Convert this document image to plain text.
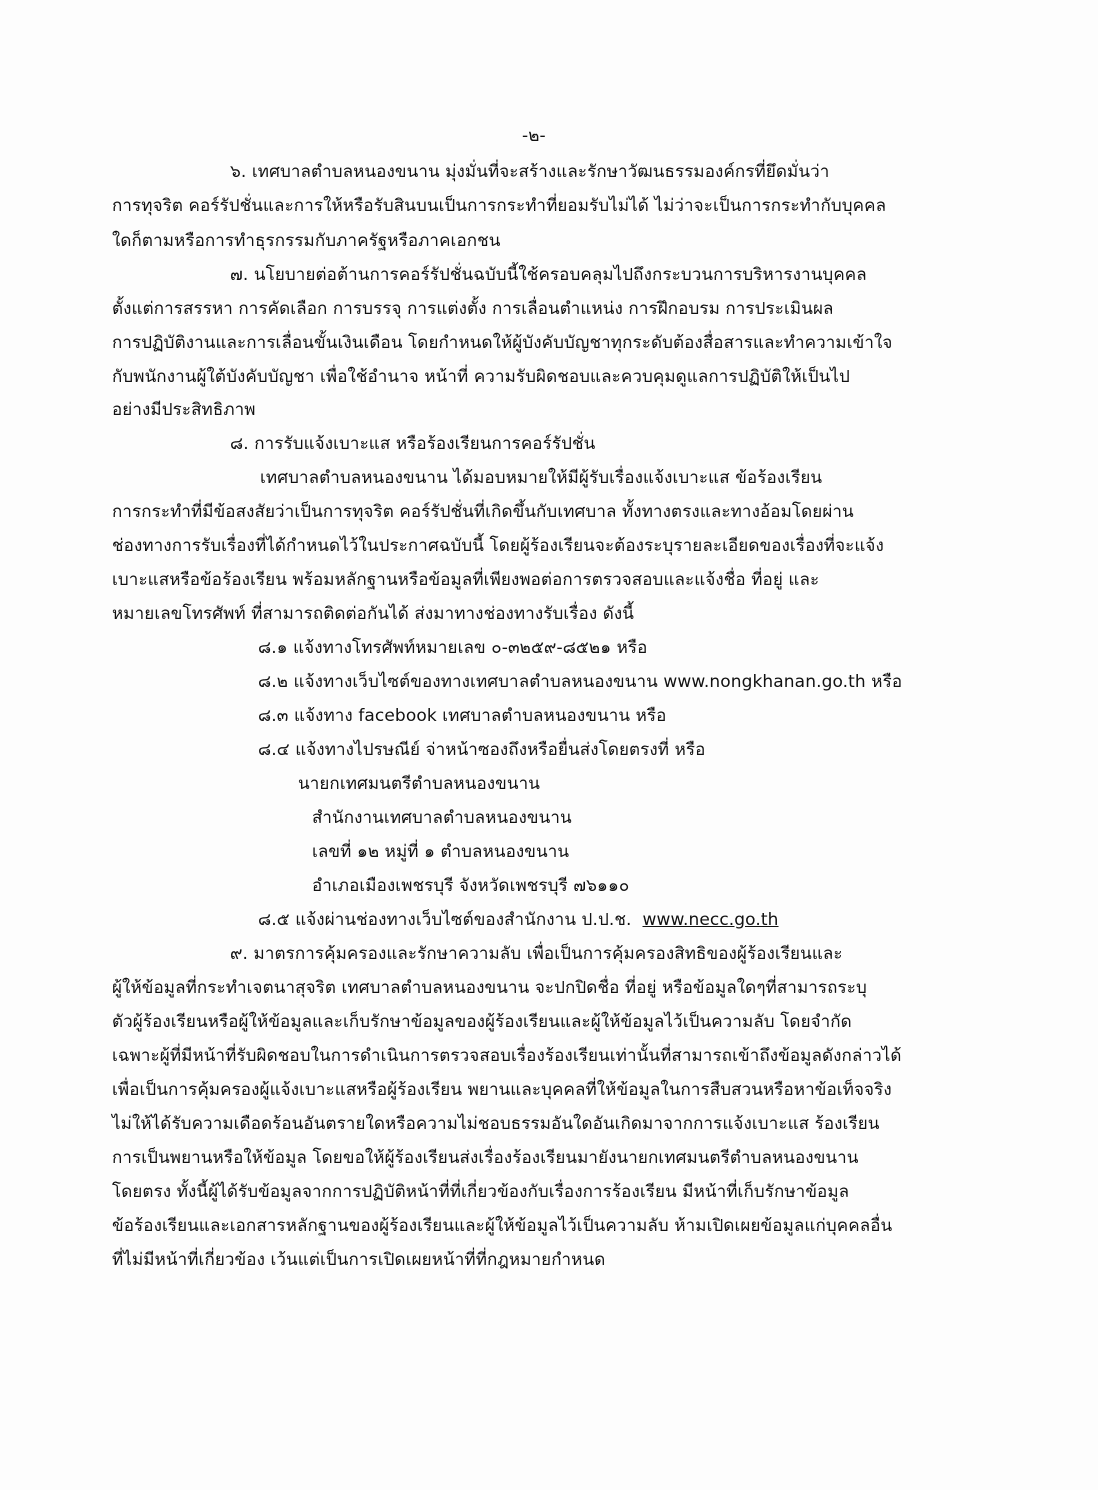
-๒-
๖. เทศบาลตำบลหนองขนาน มุ่งมั่นที่จะสร้างและรักษาวัฒนธรรมองค์กรที่ยึดมั่นว่า
การทุจริต คอร์รัปชั่นและการให้หรือรับสินบนเป็นการกระทำที่ยอมรับไม่ได้ ไม่ว่าจะเป็นการกระทำกับบุคคล
ใดก็ตามหรือการทำธุรกรรมกับภาครัฐหรือภาคเอกชน
๗. นโยบายต่อต้านการคอร์รัปชั่นฉบับนี้ใช้ครอบคลุมไปถึงกระบวนการบริหารงานบุคคล
ตั้งแต่การสรรหา การคัดเลือก การบรรจุ การแต่งตั้ง การเลื่อนตำแหน่ง การฝึกอบรม การประเมินผล
การปฏิบัติงานและการเลื่อนขั้นเงินเดือน โดยกำหนดให้ผู้บังคับบัญชาทุกระดับต้องสื่อสารและทำความเข้าใจ
กับพนักงานผู้ใต้บังคับบัญชา เพื่อใช้อำนาจ หน้าที่ ความรับผิดชอบและควบคุมดูแลการปฏิบัติให้เป็นไป
อย่างมีประสิทธิภาพ
๘. การรับแจ้งเบาะแส หรือร้องเรียนการคอร์รัปชั่น
เทศบาลตำบลหนองขนาน ได้มอบหมายให้มีผู้รับเรื่องแจ้งเบาะแส ข้อร้องเรียน
การกระทำที่มีข้อสงสัยว่าเป็นการทุจริต คอร์รัปชั่นที่เกิดขึ้นกับเทศบาล ทั้งทางตรงและทางอ้อมโดยผ่าน
ช่องทางการรับเรื่องที่ได้กำหนดไว้ในประกาศฉบับนี้ โดยผู้ร้องเรียนจะต้องระบุรายละเอียดของเรื่องที่จะแจ้ง
เบาะแสหรือข้อร้องเรียน พร้อมหลักฐานหรือข้อมูลที่เพียงพอต่อการตรวจสอบและแจ้งชื่อ ที่อยู่ และ
หมายเลขโทรศัพท์ ที่สามารถติดต่อกันได้ ส่งมาทางช่องทางรับเรื่อง ดังนี้
๘.๑ แจ้งทางโทรศัพท์หมายเลข ๐-๓๒๕๙-๘๕๒๑ หรือ
๘.๒ แจ้งทางเว็บไซต์ของทางเทศบาลตำบลหนองขนาน www.nongkhanan.go.th หรือ
๘.๓ แจ้งทาง facebook เทศบาลตำบลหนองขนาน หรือ
๘.๔ แจ้งทางไปรษณีย์ จ่าหน้าซองถึงหรือยื่นส่งโดยตรงที่ หรือ
นายกเทศมนตรีตำบลหนองขนาน
สำนักงานเทศบาลตำบลหนองขนาน
เลขที่ ๑๒ หมู่ที่ ๑ ตำบลหนองขนาน
อำเภอเมืองเพชรบุรี จังหวัดเพชรบุรี ๗๖๑๑๐
๘.๕ แจ้งผ่านช่องทางเว็บไซต์ของสำนักงาน ป.ป.ช. www.necc.go.th
๙. มาตรการคุ้มครองและรักษาความลับ เพื่อเป็นการคุ้มครองสิทธิของผู้ร้องเรียนและ
ผู้ให้ข้อมูลที่กระทำเจตนาสุจริต เทศบาลตำบลหนองขนาน จะปกปิดชื่อ ที่อยู่ หรือข้อมูลใดๆที่สามารถระบุ
ตัวผู้ร้องเรียนหรือผู้ให้ข้อมูลและเก็บรักษาข้อมูลของผู้ร้องเรียนและผู้ให้ข้อมูลไว้เป็นความลับ โดยจำกัด
เฉพาะผู้ที่มีหน้าที่รับผิดชอบในการดำเนินการตรวจสอบเรื่องร้องเรียนเท่านั้นที่สามารถเข้าถึงข้อมูลดังกล่าวได้
เพื่อเป็นการคุ้มครองผู้แจ้งเบาะแสหรือผู้ร้องเรียน พยานและบุคคลที่ให้ข้อมูลในการสืบสวนหรือหาข้อเท็จจริง
ไม่ให้ได้รับความเดือดร้อนอันตรายใดหรือความไม่ชอบธรรมอันใดอันเกิดมาจากการแจ้งเบาะแส ร้องเรียน
การเป็นพยานหรือให้ข้อมูล โดยขอให้ผู้ร้องเรียนส่งเรื่องร้องเรียนมายังนายกเทศมนตรีตำบลหนองขนาน
โดยตรง ทั้งนี้ผู้ได้รับข้อมูลจากการปฏิบัติหน้าที่ที่เกี่ยวข้องกับเรื่องการร้องเรียน มีหน้าที่เก็บรักษาข้อมูล
ข้อร้องเรียนและเอกสารหลักฐานของผู้ร้องเรียนและผู้ให้ข้อมูลไว้เป็นความลับ ห้ามเปิดเผยข้อมูลแก่บุคคลอื่น
ที่ไม่มีหน้าที่เกี่ยวข้อง เว้นแต่เป็นการเปิดเผยหน้าที่ที่กฎหมายกำหนด
